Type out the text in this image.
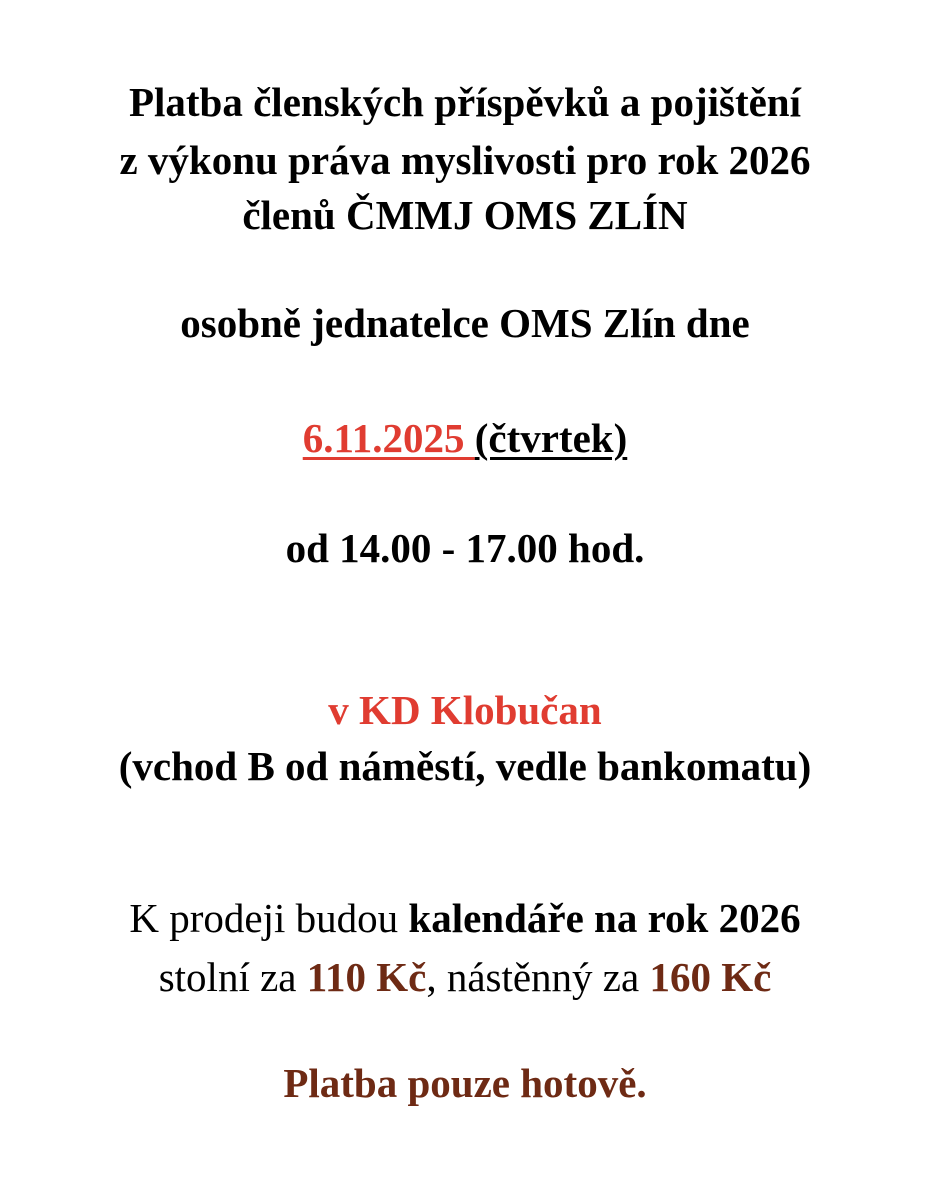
Platba členských příspěvků a pojištění
z výkonu práva myslivosti pro rok 2026
členů ČMMJ OMS ZLÍN
osobně jednatelce OMS Zlín dne
6.11.2025 (čtvrtek)
od 14.00 - 17.00 hod.
v KD Klobučan
(vchod B od náměstí, vedle bankomatu)
K prodeji budou kalendáře na rok 2026
stolní za 110 Kč, nástěnný za 160 Kč
Platba pouze hotově.
